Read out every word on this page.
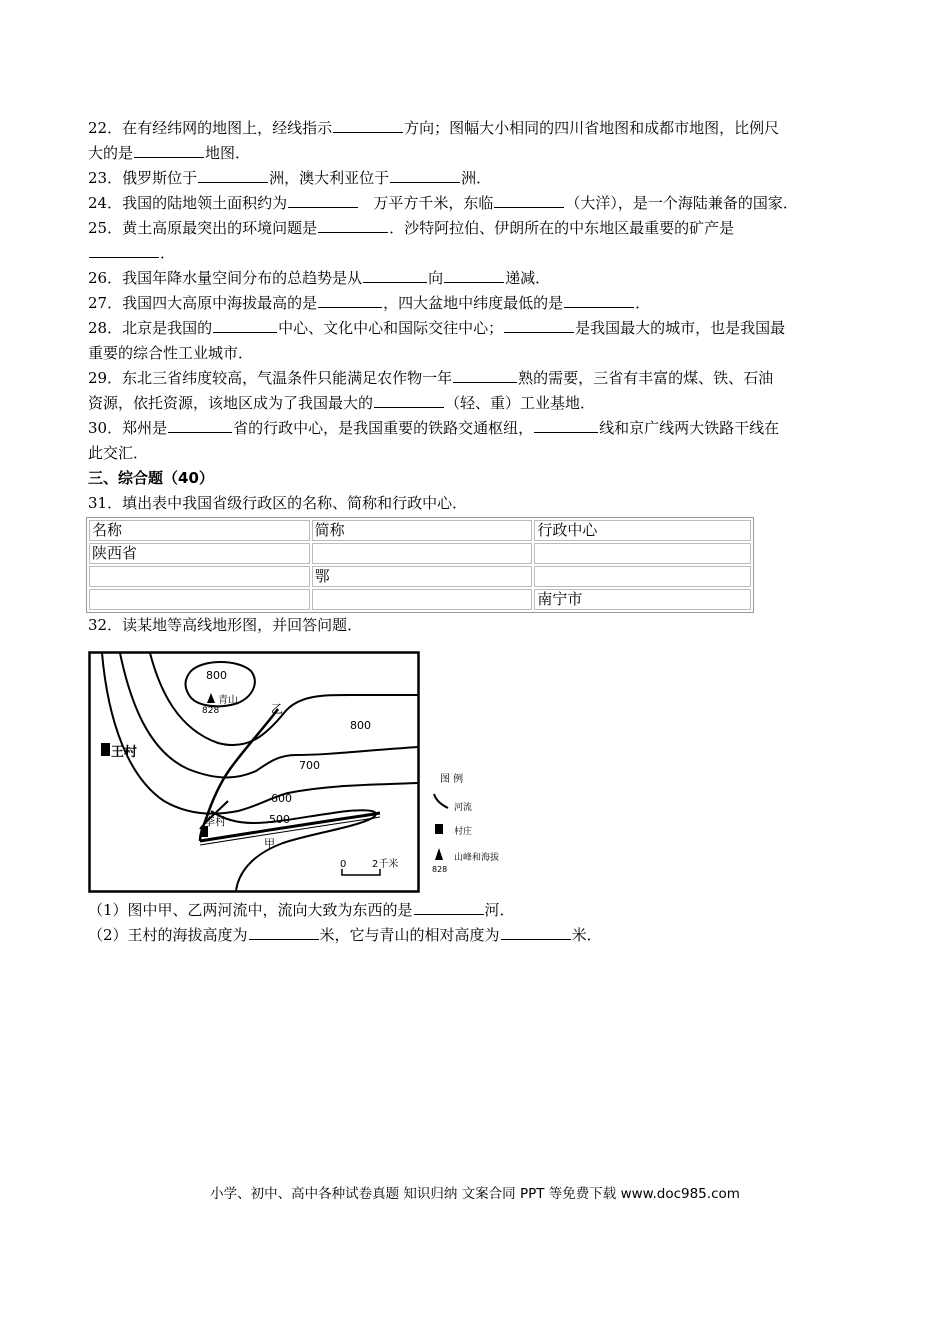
22．在有经纬网的地图上，经线指示	方向；图幅大小相同的四川省地图和成都市地图，比例尺
大的是	地图．
23．俄罗斯位于	洲，澳大利亚位于	洲．
24．我国的陆地领土面积约为	万平方千米，东临	（大洋），是一个海陆兼备的国家．
25．黄土高原最突出的环境问题是	．沙特阿拉伯、伊朗所在的中东地区最重要的矿产是
．
26．我国年降水量空间分布的总趋势是从	向	递减．
27．我国四大高原中海拔最高的是	，四大盆地中纬度最低的是	．
28．北京是我国的	中心、文化中心和国际交往中心；	是我国最大的城市，也是我国最
重要的综合性工业城市．
29．东北三省纬度较高，气温条件只能满足农作物一年	熟的需要，三省有丰富的煤、铁、石油
资源，依托资源，该地区成为了我国最大的	（轻、重）工业基地．
30．郑州是	省的行政中心，是我国重要的铁路交通枢纽，	线和京广线两大铁路干线在
此交汇．
三、综合题（40）
31．填出表中我国省级行政区的名称、简称和行政中心．
名称	简称	行政中心
陕西省		
	鄂	
		南宁市
32．读某地等高线地形图，并回答问题．
800
青山
828	乙
800
700
600
500
王村
李村
甲
0	2千米
图 例
河流
村庄
山峰和海拔
828
（1）图中甲、乙两河流中，流向大致为东西的是	河．
（2）王村的海拔高度为	米，它与青山的相对高度为	米．
小学、初中、高中各种试卷真题 知识归纳 文案合同 PPT 等免费下载 www.doc985.com
